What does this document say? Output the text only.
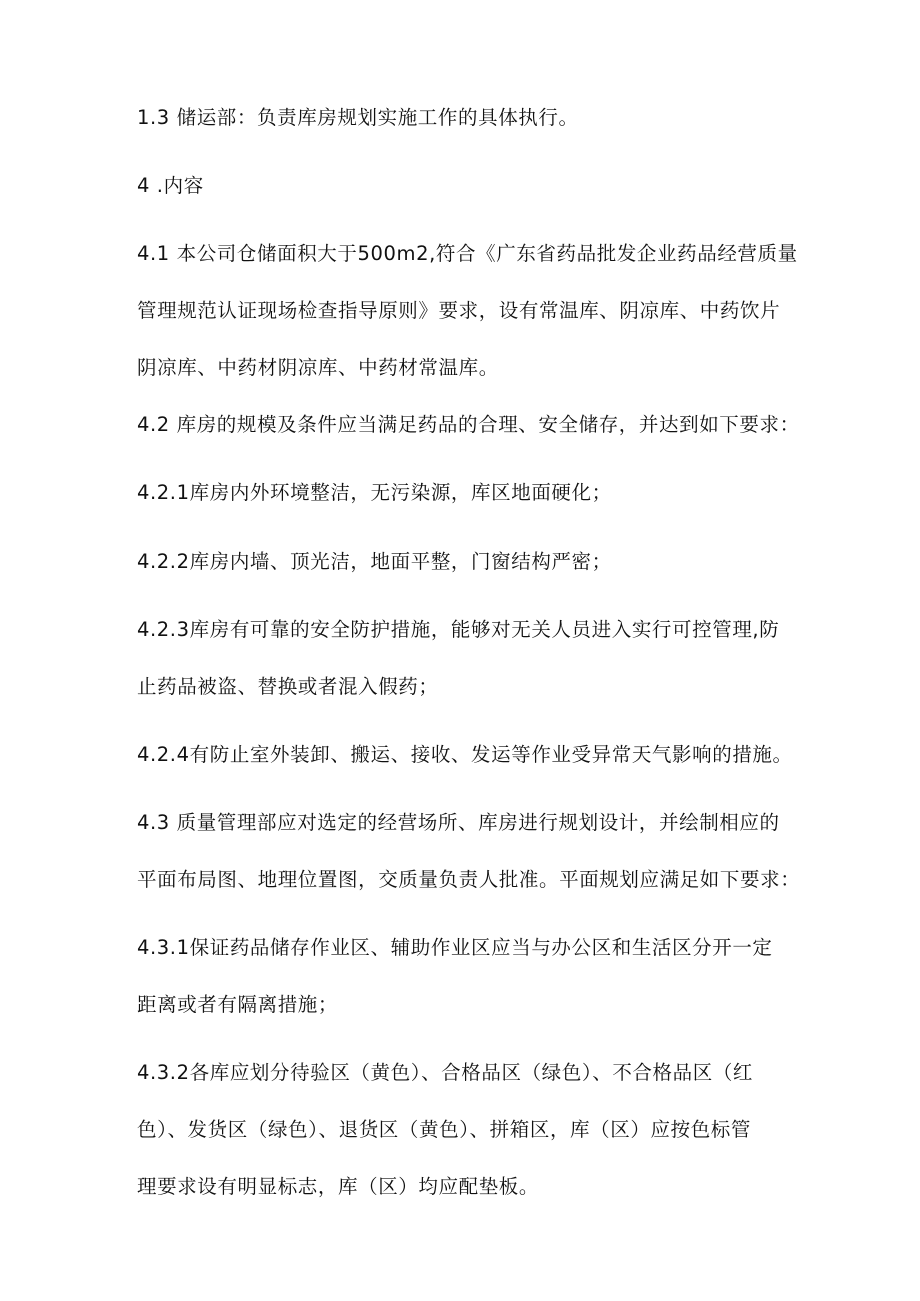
1.3 储运部：负责库房规划实施工作的具体执行。
4 .内容
4.1 本公司仓储面积大于500m2,符合《广东省药品批发企业药品经营质量
管理规范认证现场检查指导原则》要求，设有常温库、阴凉库、中药饮片
阴凉库、中药材阴凉库、中药材常温库。
4.2 库房的规模及条件应当满足药品的合理、安全储存，并达到如下要求：
4.2.1库房内外环境整洁，无污染源，库区地面硬化；
4.2.2库房内墙、顶光洁，地面平整，门窗结构严密；
4.2.3库房有可靠的安全防护措施，能够对无关人员进入实行可控管理,防
止药品被盗、替换或者混入假药；
4.2.4有防止室外装卸、搬运、接收、发运等作业受异常天气影响的措施。
4.3 质量管理部应对选定的经营场所、库房进行规划设计，并绘制相应的
平面布局图、地理位置图，交质量负责人批准。平面规划应满足如下要求：
4.3.1保证药品储存作业区、辅助作业区应当与办公区和生活区分开一定
距离或者有隔离措施；
4.3.2各库应划分待验区（黄色）、合格品区（绿色）、不合格品区（红
色）、发货区（绿色）、退货区（黄色）、拼箱区，库（区）应按色标管
理要求设有明显标志，库（区）均应配垫板。
